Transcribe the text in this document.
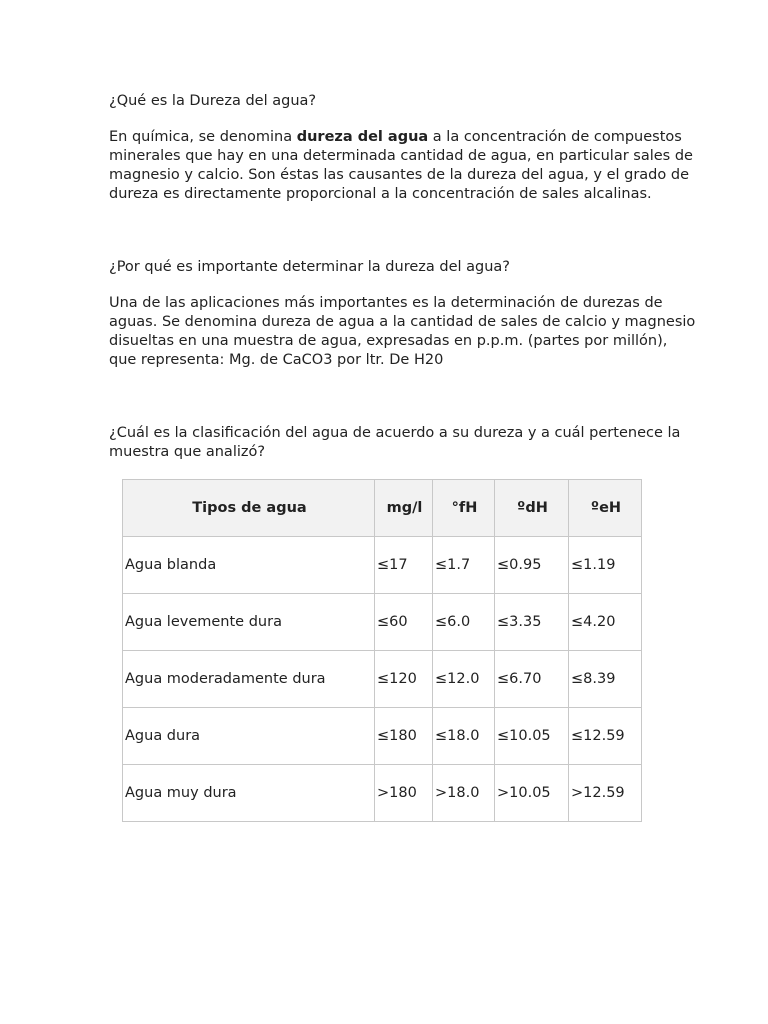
¿Qué es la Dureza del agua?

En química, se denomina dureza del agua a la concentración de compuestos
minerales que hay en una determinada cantidad de agua, en particular sales de
magnesio y calcio. Son éstas las causantes de la dureza del agua, y el grado de
dureza es directamente proporcional a la concentración de sales alcalinas.

¿Por qué es importante determinar la dureza del agua?

Una de las aplicaciones más importantes es la determinación de durezas de
aguas. Se denomina dureza de agua a la cantidad de sales de calcio y magnesio
disueltas en una muestra de agua, expresadas en p.p.m. (partes por millón),
que representa: Mg. de CaCO3 por ltr. De H20

¿Cuál es la clasificación del agua de acuerdo a su dureza y a cuál pertenece la
muestra que analizó?

Tipos de agua	mg/l	°fH	ºdH	ºeH
Agua blanda	≤17	≤1.7	≤0.95	≤1.19
Agua levemente dura	≤60	≤6.0	≤3.35	≤4.20
Agua moderadamente dura	≤120	≤12.0	≤6.70	≤8.39
Agua dura	≤180	≤18.0	≤10.05	≤12.59
Agua muy dura	>180	>18.0	>10.05	>12.59
